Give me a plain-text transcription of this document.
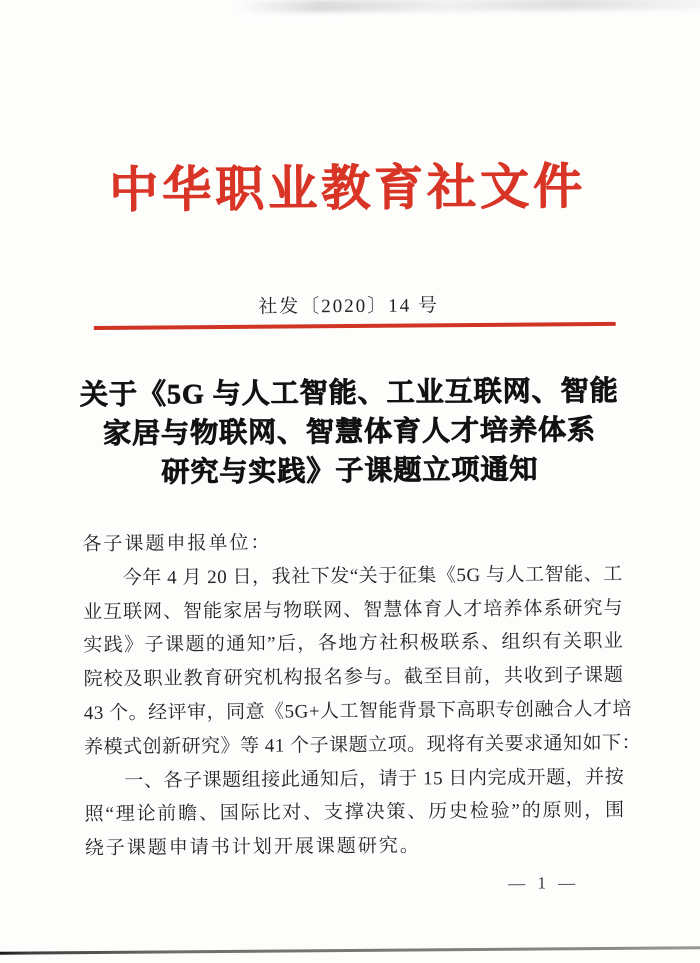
中华职业教育社文件
社发〔2020〕14 号
关于《5G 与人工智能、工业互联网、智能
家居与物联网、智慧体育人才培养体系
研究与实践》子课题立项通知
各子课题申报单位：
今年 4 月 20 日，我社下发“关于征集《5G 与人工智能、工
业互联网、智能家居与物联网、智慧体育人才培养体系研究与
实践》子课题的通知”后，各地方社积极联系、组织有关职业
院校及职业教育研究机构报名参与。截至目前，共收到子课题
43 个。经评审，同意《5G+人工智能背景下高职专创融合人才培
养模式创新研究》等 41 个子课题立项。现将有关要求通知如下：
一、各子课题组接此通知后，请于 15 日内完成开题，并按
照“理论前瞻、国际比对、支撑决策、历史检验”的原则，围
绕子课题申请书计划开展课题研究。
— 1 —
